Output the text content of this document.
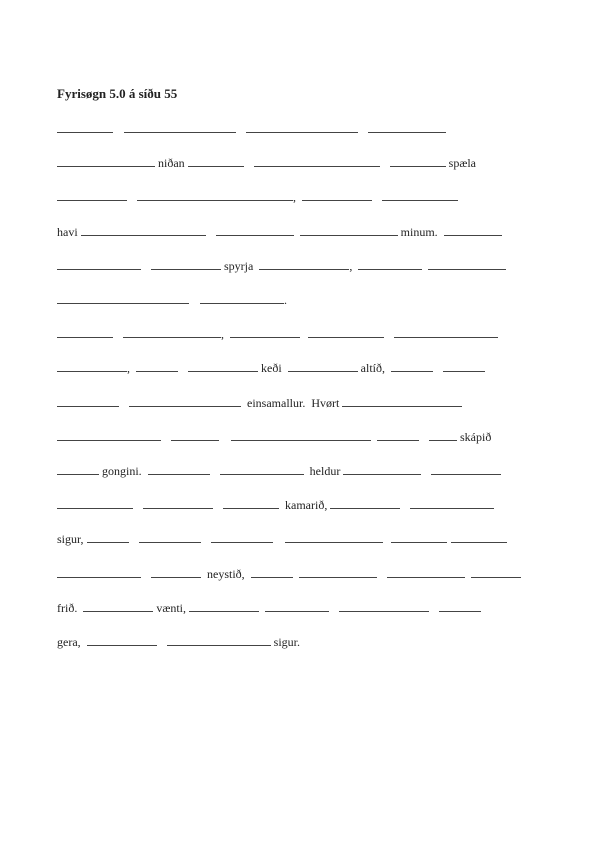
Fyrisøgn 5.0 á síðu 55
niðan	spæla
,
havi	minum.
spyrja	,
.
,
,	keði	altíð,
einsamallur.  Hvørt
skápið
gongini.	heldur
kamarið,
sigur,
neystið,
frið.	vænti,
gera,	sigur.
